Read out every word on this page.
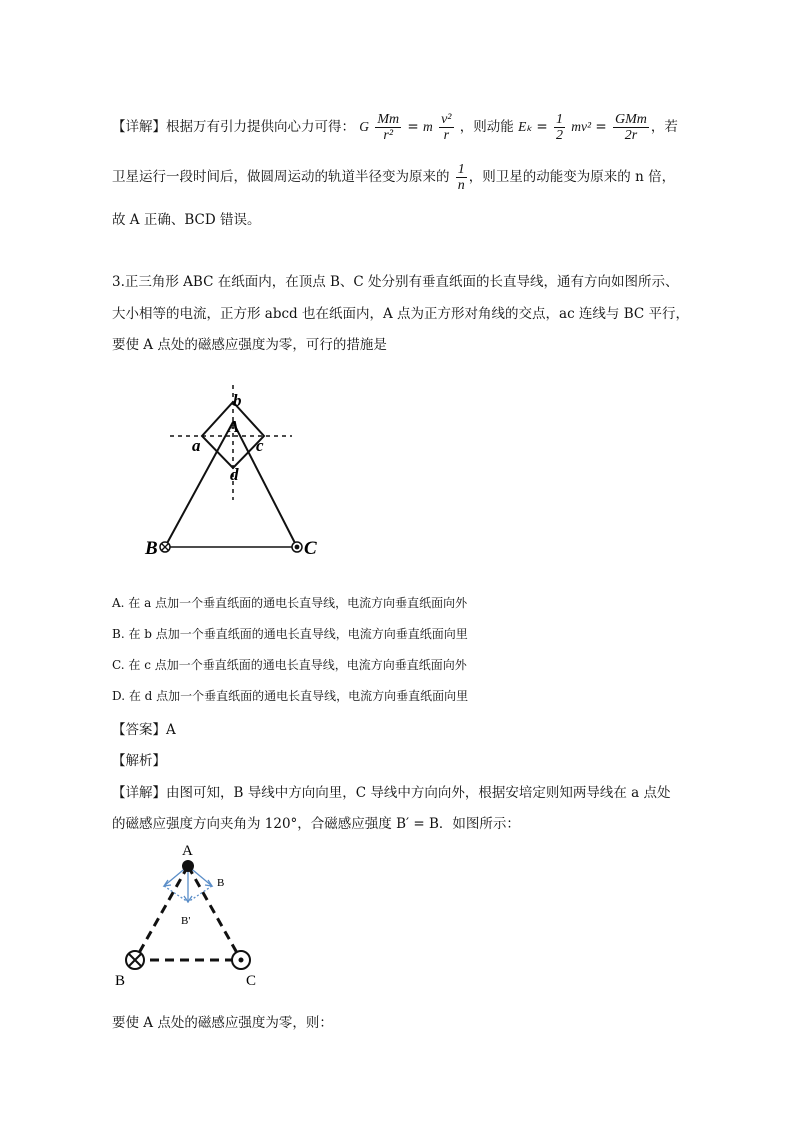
【详解】根据万有引力提供向心力可得： G $\frac{Mm}{\text{r²}} = m \frac{\text{v²}}{r}$ ，则动能 $E_k = \frac{1}{2} mv^2 = \frac{\text{GMm}}{2r}$ ，若
卫星运行一段时间后，做圆周运动的轨道半径变为原来的 $\frac{1}{n}$ ，则卫星的动能变为原来的 n 倍，
故 A 正确、BCD 错误。
3.正三角形 ABC 在纸面内，在顶点 B、C 处分别有垂直纸面的长直导线，通有方向如图所示、
大小相等的电流，正方形 abcd 也在纸面内，A 点为正方形对角线的交点，ac 连线与 BC 平行，
要使 A 点处的磁感应强度为零，可行的措施是
b
A
a	c
d
B	C
A. 在 a 点加一个垂直纸面的通电长直导线，电流方向垂直纸面向外
B. 在 b 点加一个垂直纸面的通电长直导线，电流方向垂直纸面向里
C. 在 c 点加一个垂直纸面的通电长直导线，电流方向垂直纸面向外
D. 在 d 点加一个垂直纸面的通电长直导线，电流方向垂直纸面向里
【答案】A
【解析】
【详解】由图可知，B 导线中方向向里，C 导线中方向向外，根据安培定则知两导线在 a 点处
的磁感应强度方向夹角为 120°，合磁感应强度 B′ = B．如图所示：
A
B	C
B
B'
要使 A 点处的磁感应强度为零，则：
